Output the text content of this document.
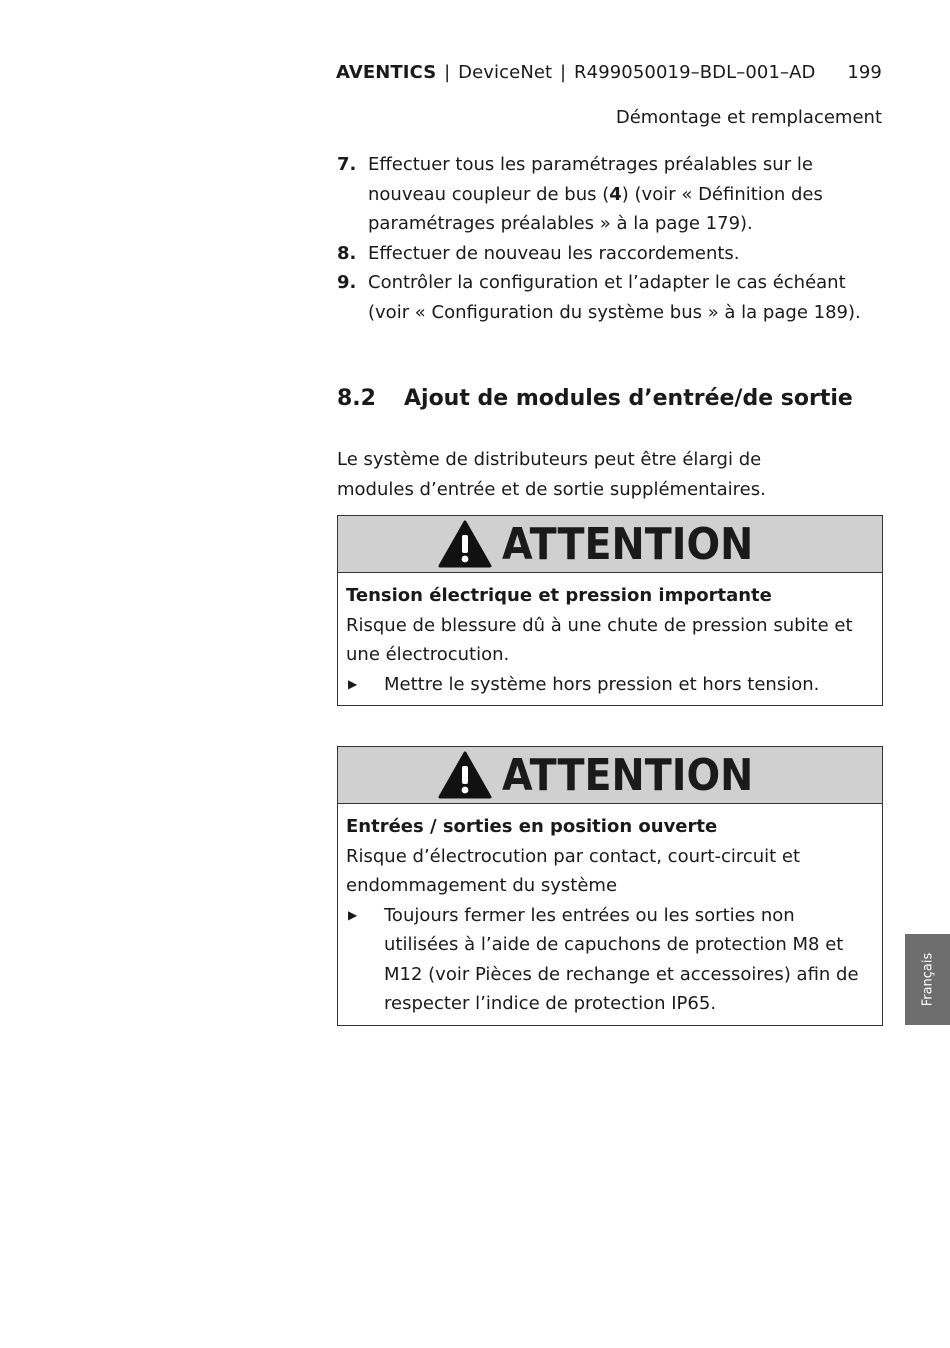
AVENTICS | DeviceNet | R499050019–BDL–001–AD 199
Démontage et remplacement
7. Effectuer tous les paramétrages préalables sur le nouveau coupleur de bus (4) (voir « Définition des paramétrages préalables » à la page 179).
8. Effectuer de nouveau les raccordements.
9. Contrôler la configuration et l’adapter le cas échéant (voir « Configuration du système bus » à la page 189).
8.2	Ajout de modules d’entrée/de sortie
Le système de distributeurs peut être élargi de modules d’entrée et de sortie supplémentaires.
ATTENTION
Tension électrique et pression importante
Risque de blessure dû à une chute de pression subite et une électrocution.
▶	Mettre le système hors pression et hors tension.
ATTENTION
Entrées / sorties en position ouverte
Risque d’électrocution par contact, court-circuit et endommagement du système
▶	Toujours fermer les entrées ou les sorties non utilisées à l’aide de capuchons de protection M8 et M12 (voir Pièces de rechange et accessoires) afin de respecter l’indice de protection IP65.	Français
